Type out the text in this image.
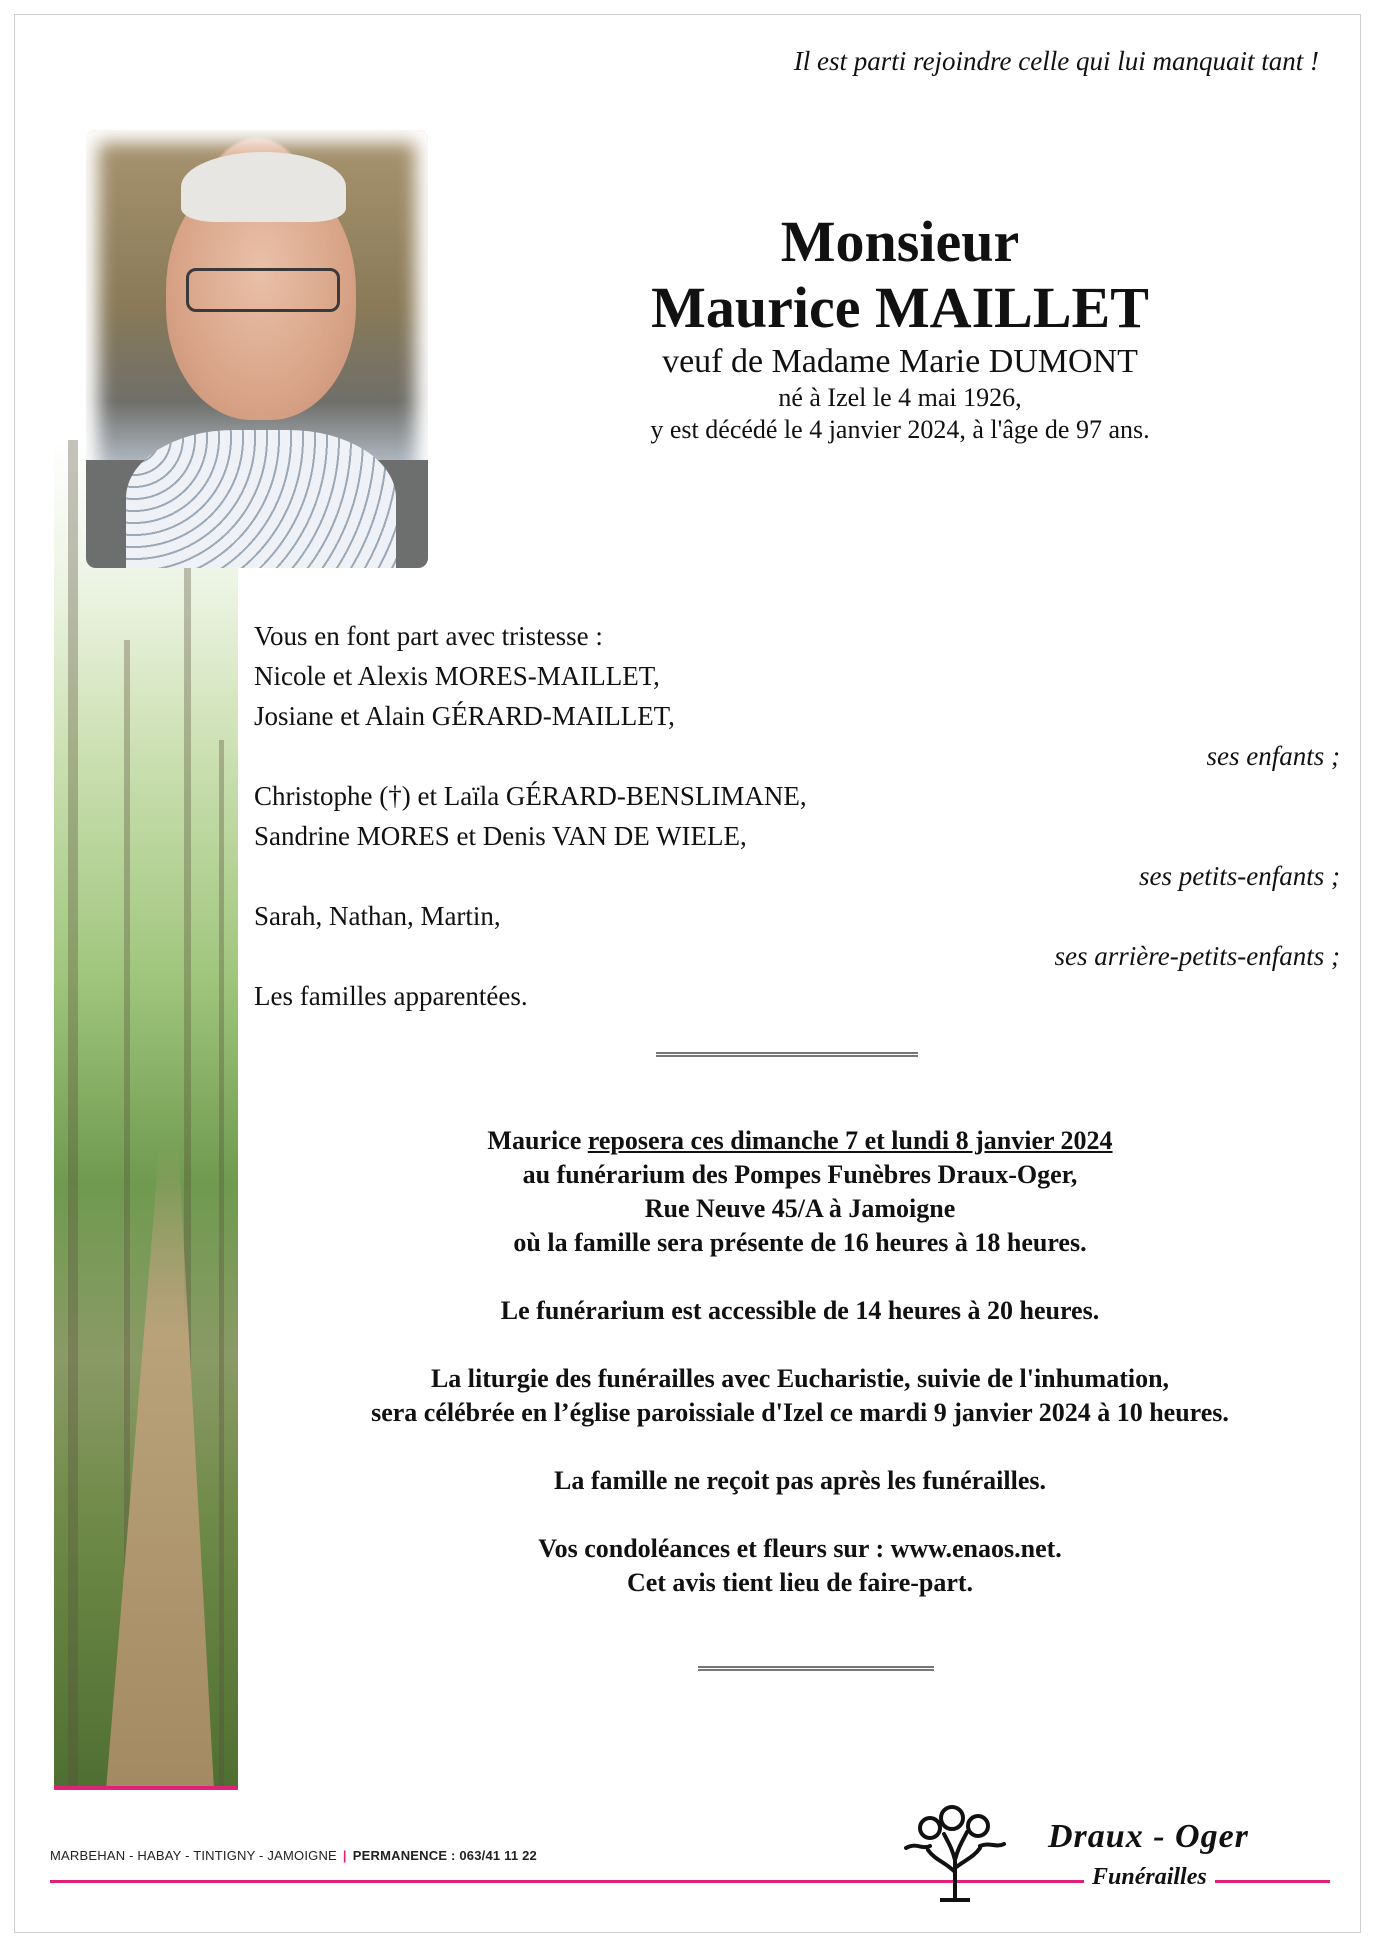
Il est parti rejoindre celle qui lui manquait tant !
Monsieur
Maurice MAILLET
veuf de Madame Marie DUMONT
né à Izel le 4 mai 1926,
y est décédé le 4 janvier 2024, à l'âge de 97 ans.
Vous en font part avec tristesse :
Nicole et Alexis MORES-MAILLET,
Josiane et Alain GÉRARD-MAILLET,
ses enfants ;
Christophe (†) et Laïla GÉRARD-BENSLIMANE,
Sandrine MORES et Denis VAN DE WIELE,
ses petits-enfants ;
Sarah, Nathan, Martin,
ses arrière-petits-enfants ;
Les familles apparentées.
Maurice reposera ces dimanche 7 et lundi 8 janvier 2024
au funérarium des Pompes Funèbres Draux-Oger,
Rue Neuve 45/A à Jamoigne
où la famille sera présente de 16 heures à 18 heures.
Le funérarium est accessible de 14 heures à 20 heures.
La liturgie des funérailles avec Eucharistie, suivie de l'inhumation,
sera célébrée en l’église paroissiale d'Izel ce mardi 9 janvier 2024 à 10 heures.
La famille ne reçoit pas après les funérailles.
Vos condoléances et fleurs sur : www.enaos.net.
Cet avis tient lieu de faire-part.
MARBEHAN - HABAY - TINTIGNY - JAMOIGNE | PERMANENCE : 063/41 11 22
Draux - Oger
Funérailles
